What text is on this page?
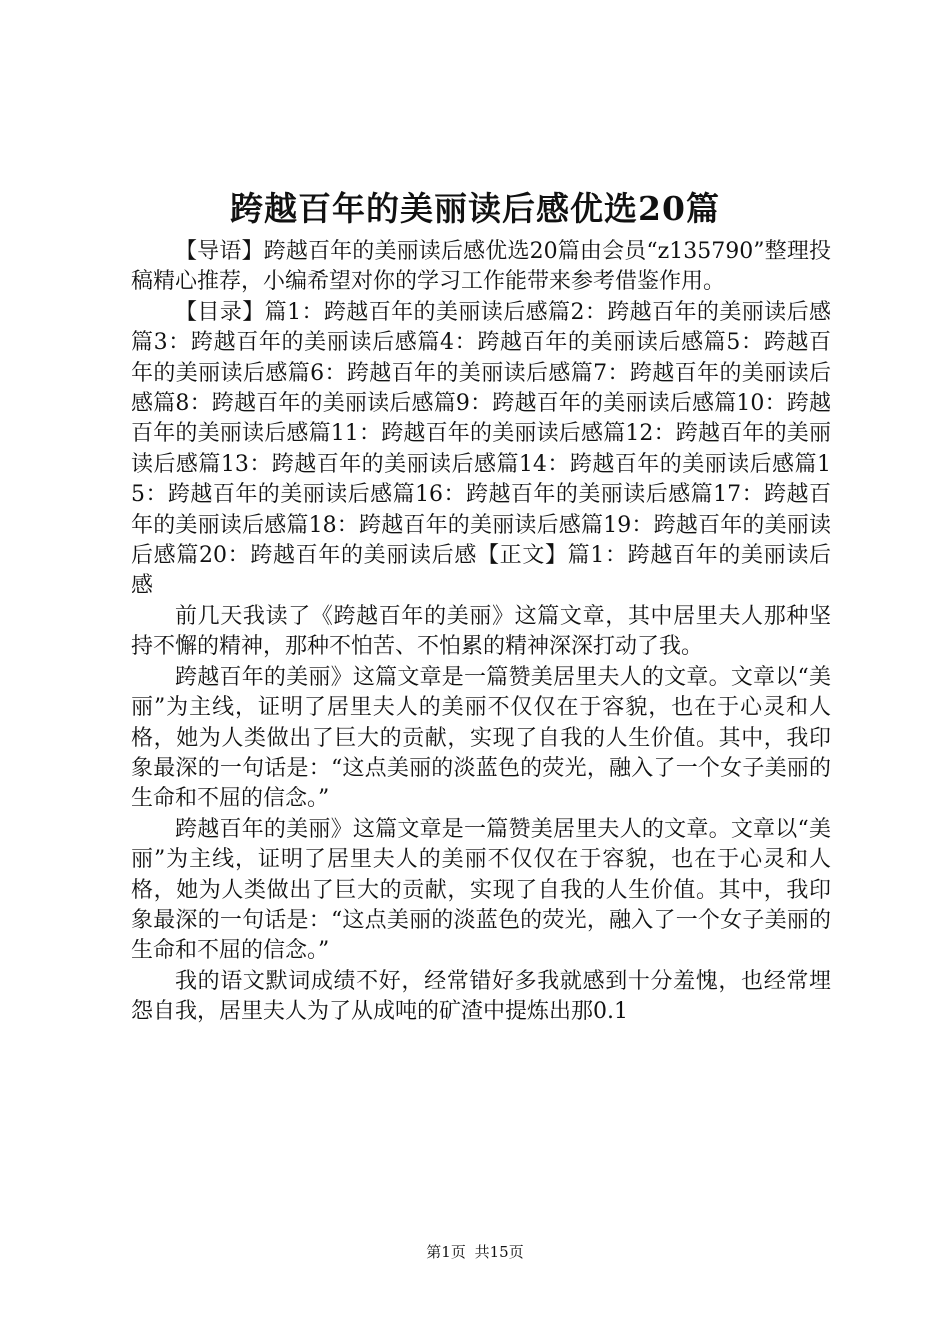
跨越百年的美丽读后感优选20篇

【导语】跨越百年的美丽读后感优选20篇由会员“z135790”整理投稿精心推荐，小编希望对你的学习工作能带来参考借鉴作用。

【目录】篇1：跨越百年的美丽读后感篇2：跨越百年的美丽读后感篇3：跨越百年的美丽读后感篇4：跨越百年的美丽读后感篇5：跨越百年的美丽读后感篇6：跨越百年的美丽读后感篇7：跨越百年的美丽读后感篇8：跨越百年的美丽读后感篇9：跨越百年的美丽读后感篇10：跨越百年的美丽读后感篇11：跨越百年的美丽读后感篇12：跨越百年的美丽读后感篇13：跨越百年的美丽读后感篇14：跨越百年的美丽读后感篇15：跨越百年的美丽读后感篇16：跨越百年的美丽读后感篇17：跨越百年的美丽读后感篇18：跨越百年的美丽读后感篇19：跨越百年的美丽读后感篇20：跨越百年的美丽读后感【正文】篇1：跨越百年的美丽读后感

前几天我读了《跨越百年的美丽》这篇文章，其中居里夫人那种坚持不懈的精神，那种不怕苦、不怕累的精神深深打动了我。

跨越百年的美丽》这篇文章是一篇赞美居里夫人的文章。文章以“美丽”为主线，证明了居里夫人的美丽不仅仅在于容貌，也在于心灵和人格，她为人类做出了巨大的贡献，实现了自我的人生价值。其中，我印象最深的一句话是：“这点美丽的淡蓝色的荧光，融入了一个女子美丽的生命和不屈的信念。”

跨越百年的美丽》这篇文章是一篇赞美居里夫人的文章。文章以“美丽”为主线，证明了居里夫人的美丽不仅仅在于容貌，也在于心灵和人格，她为人类做出了巨大的贡献，实现了自我的人生价值。其中，我印象最深的一句话是：“这点美丽的淡蓝色的荧光，融入了一个女子美丽的生命和不屈的信念。”

我的语文默词成绩不好，经常错好多我就感到十分羞愧，也经常埋怨自我，居里夫人为了从成吨的矿渣中提炼出那0.1

第1页 共15页
